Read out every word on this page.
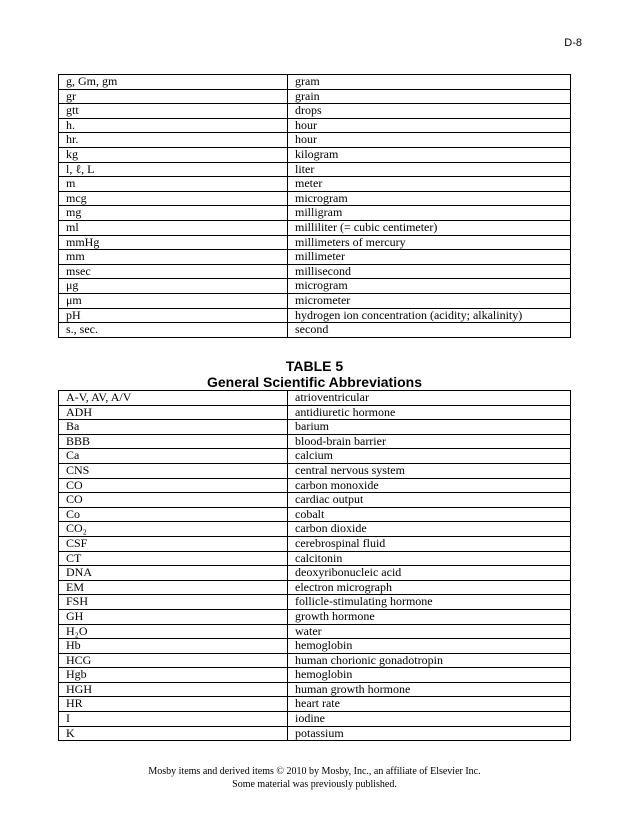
D-8
g, Gm, gm	gram
gr	grain
gtt	drops
h.	hour
hr.	hour
kg	kilogram
l, ℓ, L	liter
m	meter
mcg	microgram
mg	milligram
ml	milliliter (= cubic centimeter)
mmHg	millimeters of mercury
mm	millimeter
msec	millisecond
μg	microgram
μm	micrometer
pH	hydrogen ion concentration (acidity; alkalinity)
s., sec.	second
TABLE 5
General Scientific Abbreviations
A-V, AV, A/V	atrioventricular
ADH	antidiuretic hormone
Ba	barium
BBB	blood-brain barrier
Ca	calcium
CNS	central nervous system
CO	carbon monoxide
CO	cardiac output
Co	cobalt
CO₂	carbon dioxide
CSF	cerebrospinal fluid
CT	calcitonin
DNA	deoxyribonucleic acid
EM	electron micrograph
FSH	follicle-stimulating hormone
GH	growth hormone
H₂O	water
Hb	hemoglobin
HCG	human chorionic gonadotropin
Hgb	hemoglobin
HGH	human growth hormone
HR	heart rate
I	iodine
K	potassium
Mosby items and derived items © 2010 by Mosby, Inc., an affiliate of Elsevier Inc.
Some material was previously published.
